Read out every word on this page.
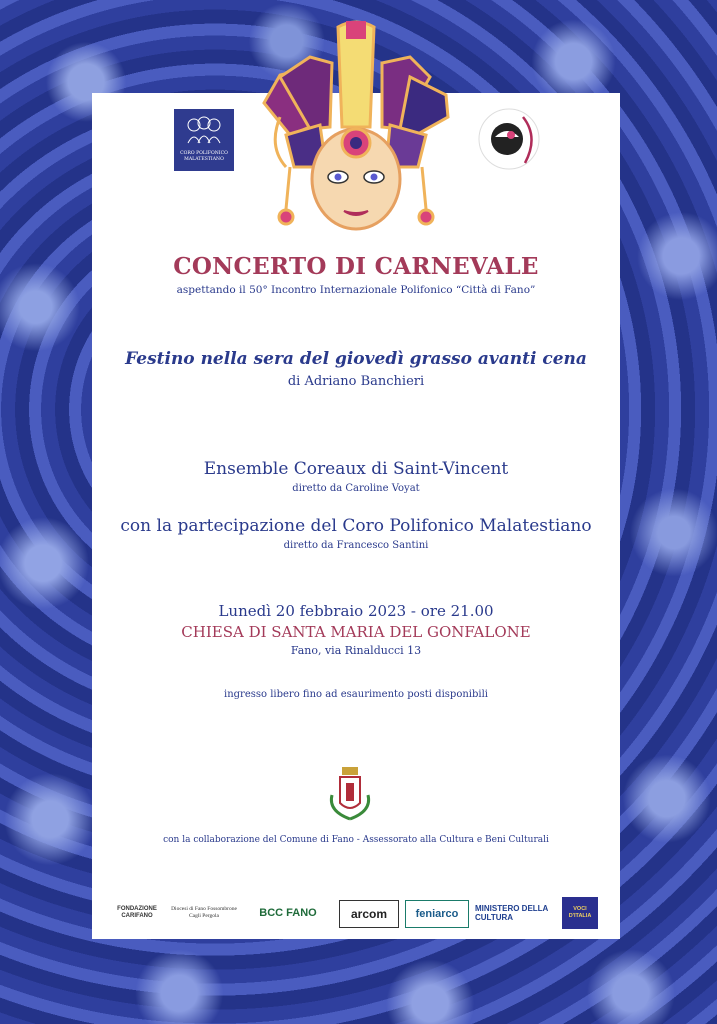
CORO POLIFONICO MALATESTIANO

CONCERTO DI CARNEVALE

aspettando il 50° Incontro Internazionale Polifonico “Città di Fano”

Festino nella sera del giovedì grasso avanti cena

di Adriano Banchieri

Ensemble Coreaux di Saint-Vincent

diretto da Caroline Voyat

con la partecipazione del Coro Polifonico Malatestiano

diretto da Francesco Santini

Lunedì 20 febbraio 2023 - ore 21.00

CHIESA DI SANTA MARIA DEL GONFALONE

Fano, via Rinalducci 13

ingresso libero fino ad esaurimento posti disponibili

con la collaborazione del Comune di Fano - Assessorato alla Cultura e Beni Culturali

FONDAZIONE CARIFANO
Diocesi di Fano Fossombrone Cagli Pergola	BCC FANO	arcom	feniarco MINISTERO DELLA CULTURA
VOCI D'ITALIA
